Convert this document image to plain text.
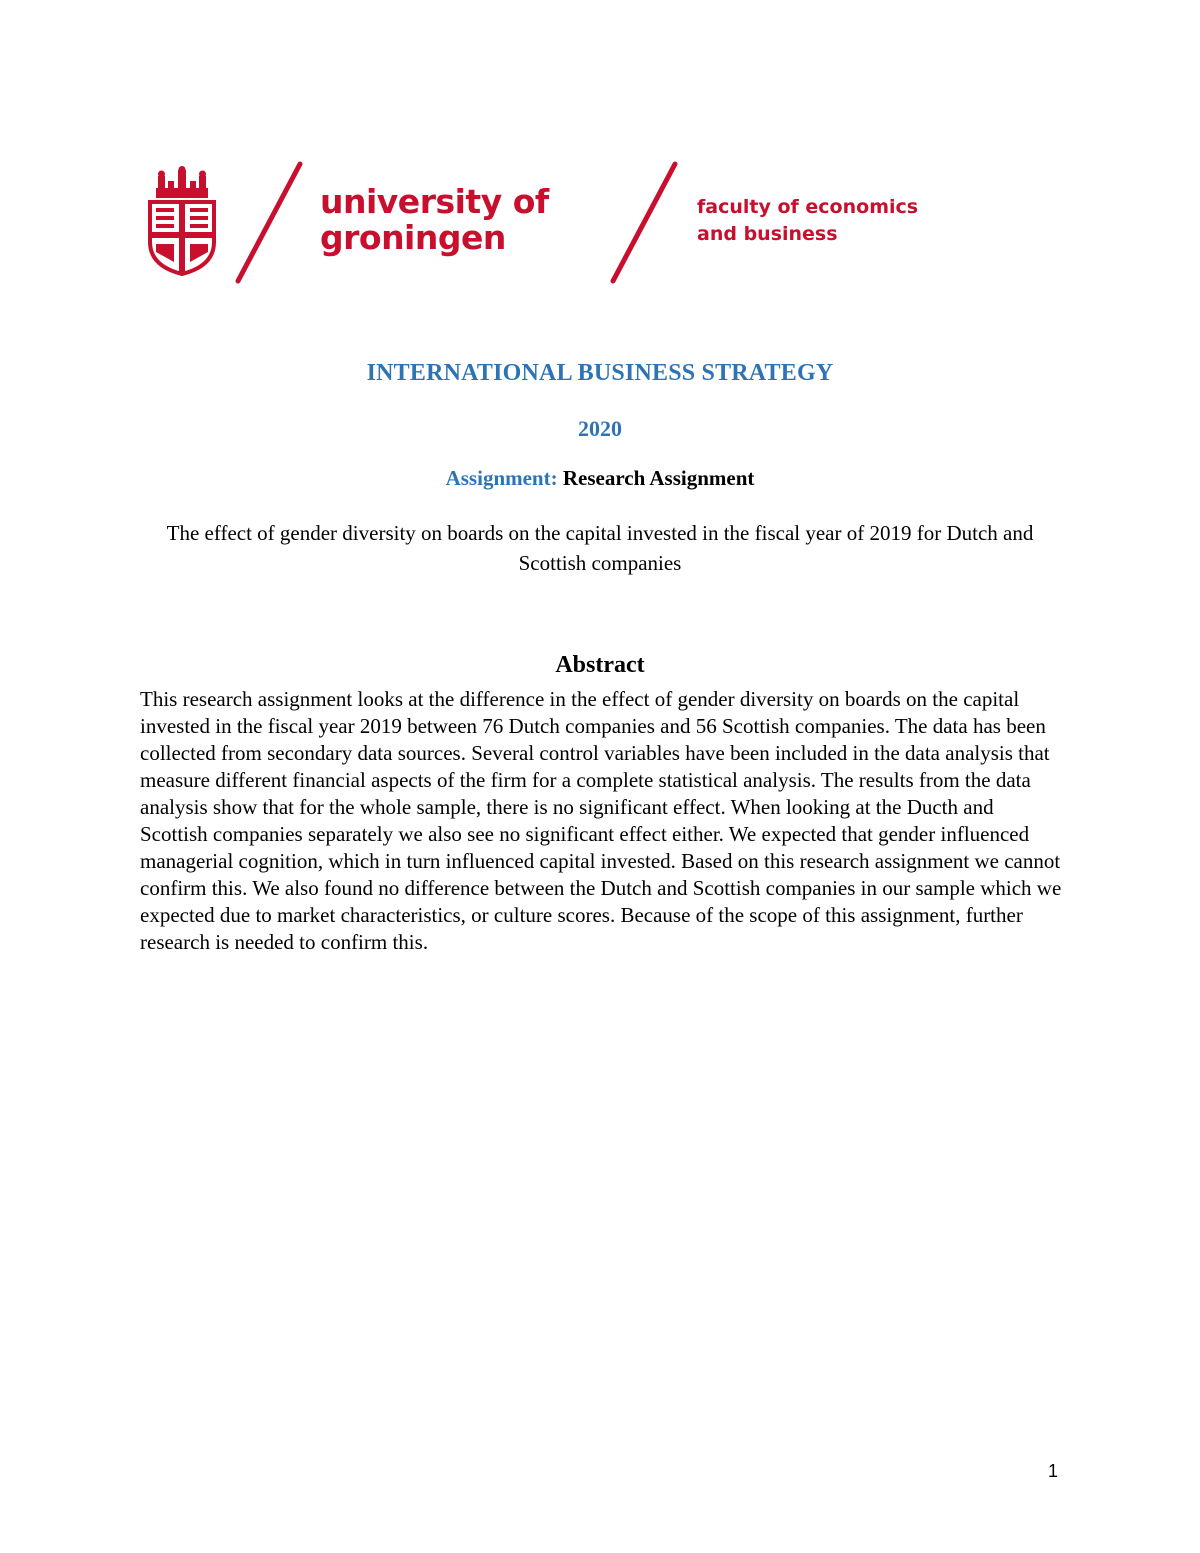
university of
groningen
faculty of economics
and business
INTERNATIONAL BUSINESS STRATEGY
2020
Assignment: Research Assignment
The effect of gender diversity on boards on the capital invested in the fiscal year of 2019 for Dutch and Scottish companies
Abstract
This research assignment looks at the difference in the effect of gender diversity on boards on the capital invested in the fiscal year 2019 between 76 Dutch companies and 56 Scottish companies. The data has been collected from secondary data sources. Several control variables have been included in the data analysis that measure different financial aspects of the firm for a complete statistical analysis. The results from the data analysis show that for the whole sample, there is no significant effect. When looking at the Ducth and Scottish companies separately we also see no significant effect either. We expected that gender influenced managerial cognition, which in turn influenced capital invested. Based on this research assignment we cannot confirm this. We also found no difference between the Dutch and Scottish companies in our sample which we expected due to market characteristics, or culture scores. Because of the scope of this assignment, further research is needed to confirm this.
1
